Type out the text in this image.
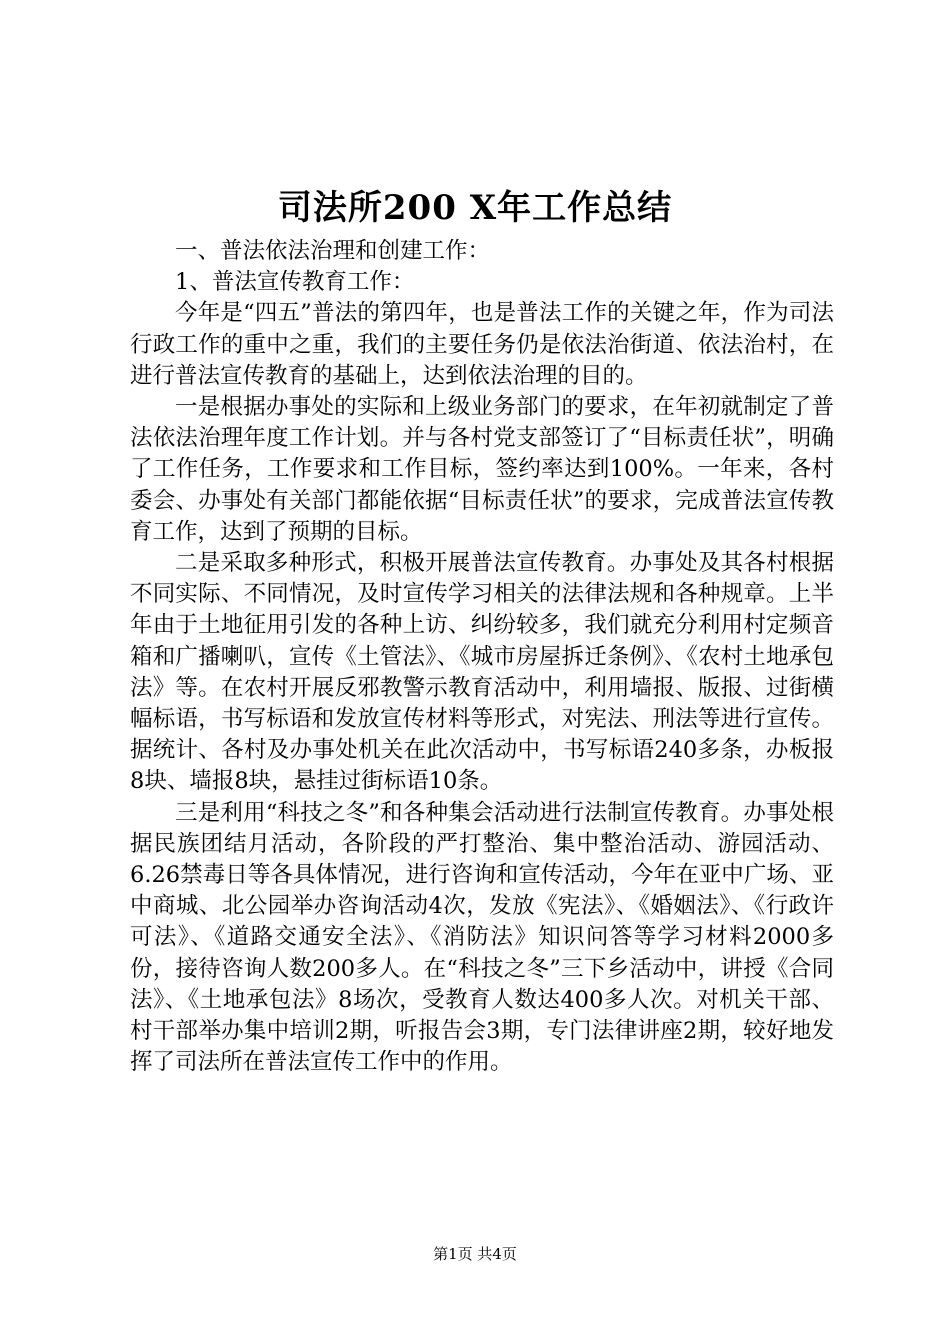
司法所200 X年工作总结

一、普法依法治理和创建工作：

1、普法宣传教育工作：

今年是“四五”普法的第四年，也是普法工作的关键之年，作为司法行政工作的重中之重，我们的主要任务仍是依法治街道、依法治村，在进行普法宣传教育的基础上，达到依法治理的目的。

一是根据办事处的实际和上级业务部门的要求，在年初就制定了普法依法治理年度工作计划。并与各村党支部签订了“目标责任状”，明确了工作任务，工作要求和工作目标，签约率达到100%。一年来，各村委会、办事处有关部门都能依据“目标责任状”的要求，完成普法宣传教育工作，达到了预期的目标。

二是采取多种形式，积极开展普法宣传教育。办事处及其各村根据不同实际、不同情况，及时宣传学习相关的法律法规和各种规章。上半年由于土地征用引发的各种上访、纠纷较多，我们就充分利用村定频音箱和广播喇叭，宣传《土管法》、《城市房屋拆迁条例》、《农村土地承包法》等。在农村开展反邪教警示教育活动中，利用墙报、版报、过街横幅标语，书写标语和发放宣传材料等形式，对宪法、刑法等进行宣传。据统计、各村及办事处机关在此次活动中，书写标语240多条，办板报8块、墙报8块，悬挂过街标语10条。

三是利用“科技之冬”和各种集会活动进行法制宣传教育。办事处根据民族团结月活动，各阶段的严打整治、集中整治活动、游园活动、6.26禁毒日等各具体情况，进行咨询和宣传活动，今年在亚中广场、亚中商城、北公园举办咨询活动4次，发放《宪法》、《婚姻法》、《行政许可法》、《道路交通安全法》、《消防法》知识问答等学习材料2000多份，接待咨询人数200多人。在“科技之冬”三下乡活动中，讲授《合同法》、《土地承包法》8场次，受教育人数达400多人次。对机关干部、村干部举办集中培训2期，听报告会3期，专门法律讲座2期，较好地发挥了司法所在普法宣传工作中的作用。

第1页 共4页
